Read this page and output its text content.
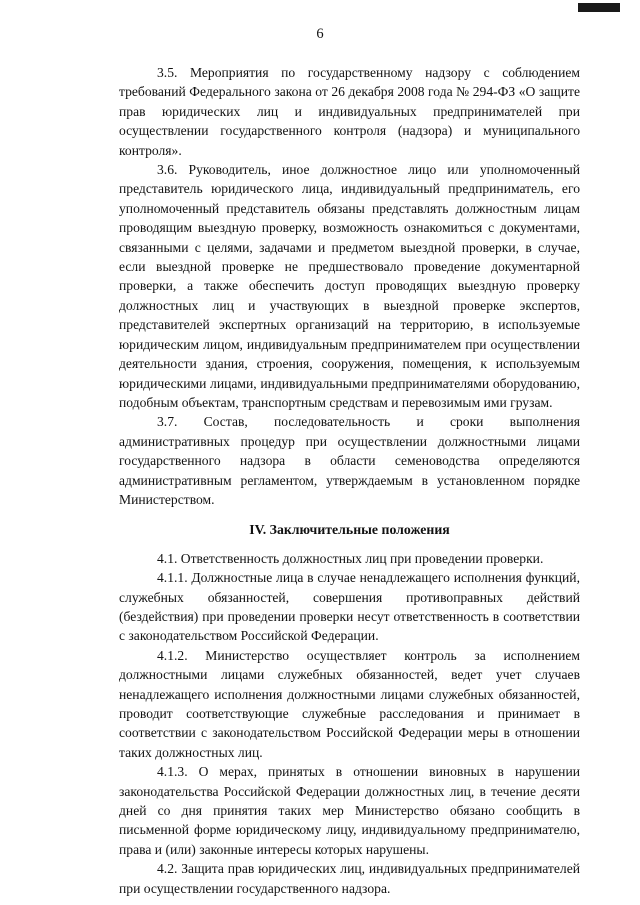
6

3.5. Мероприятия по государственному надзору с соблюдением требований Федерального закона от 26 декабря 2008 года № 294-ФЗ «О защите прав юридических лиц и индивидуальных предпринимателей при осуществлении государственного контроля (надзора) и муниципального контроля».

3.6. Руководитель, иное должностное лицо или уполномоченный представитель юридического лица, индивидуальный предприниматель, его уполномоченный представитель обязаны представлять должностным лицам проводящим выездную проверку, возможность ознакомиться с документами, связанными с целями, задачами и предметом выездной проверки, в случае, если выездной проверке не предшествовало проведение документарной проверки, а также обеспечить доступ проводящих выездную проверку должностных лиц и участвующих в выездной проверке экспертов, представителей экспертных организаций на территорию, в используемые юридическим лицом, индивидуальным предпринимателем при осуществлении деятельности здания, строения, сооружения, помещения, к используемым юридическими лицами, индивидуальными предпринимателями оборудованию, подобным объектам, транспортным средствам и перевозимым ими грузам.

3.7. Состав, последовательность и сроки выполнения административных процедур при осуществлении должностными лицами государственного надзора в области семеноводства определяются административным регламентом, утверждаемым в установленном порядке Министерством.

IV. Заключительные положения

4.1. Ответственность должностных лиц при проведении проверки.

4.1.1. Должностные лица в случае ненадлежащего исполнения функций, служебных обязанностей, совершения противоправных действий (бездействия) при проведении проверки несут ответственность в соответствии с законодательством Российской Федерации.

4.1.2. Министерство осуществляет контроль за исполнением должностными лицами служебных обязанностей, ведет учет случаев ненадлежащего исполнения должностными лицами служебных обязанностей, проводит соответствующие служебные расследования и принимает в соответствии с законодательством Российской Федерации меры в отношении таких должностных лиц.

4.1.3. О мерах, принятых в отношении виновных в нарушении законодательства Российской Федерации должностных лиц, в течение десяти дней со дня принятия таких мер Министерство обязано сообщить в письменной форме юридическому лицу, индивидуальному предпринимателю, права и (или) законные интересы которых нарушены.

4.2. Защита прав юридических лиц, индивидуальных предпринимателей при осуществлении государственного надзора.
